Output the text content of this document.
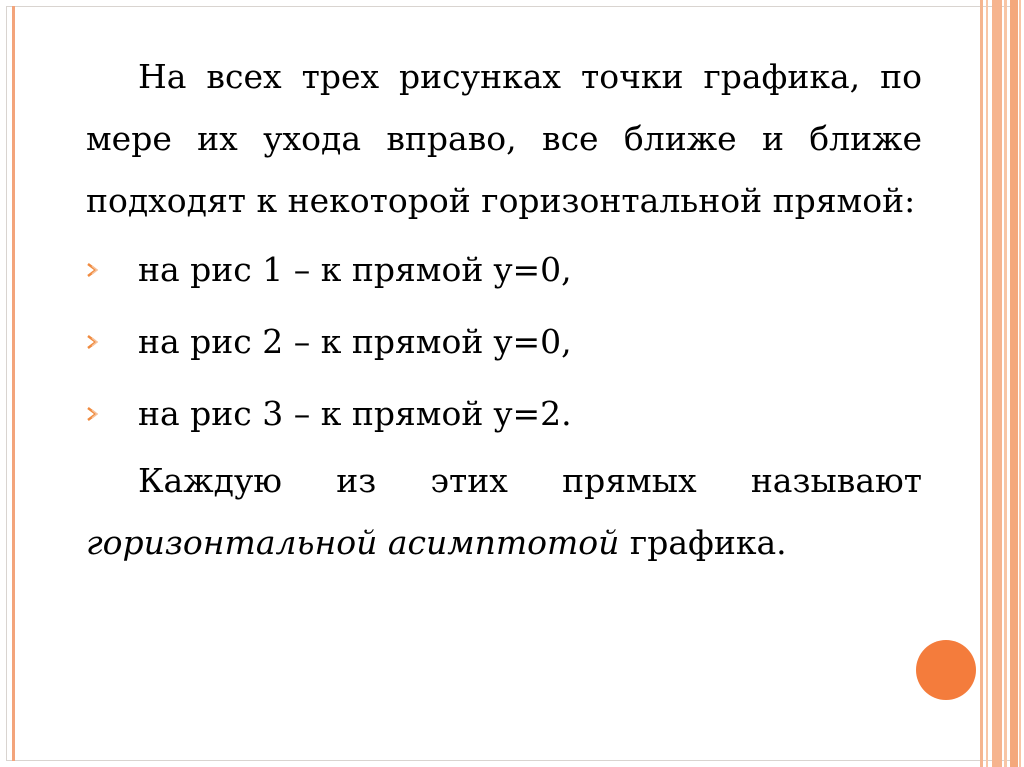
На всех трех рисунках точки графика, по мере их ухода вправо, все ближе и ближе подходят к некоторой горизонтальной прямой:

на рис 1 – к прямой y=0,
на рис 2 – к прямой y=0,
на рис 3 – к прямой y=2.

Каждую из этих прямых называют горизонтальной асимптотой графика.
